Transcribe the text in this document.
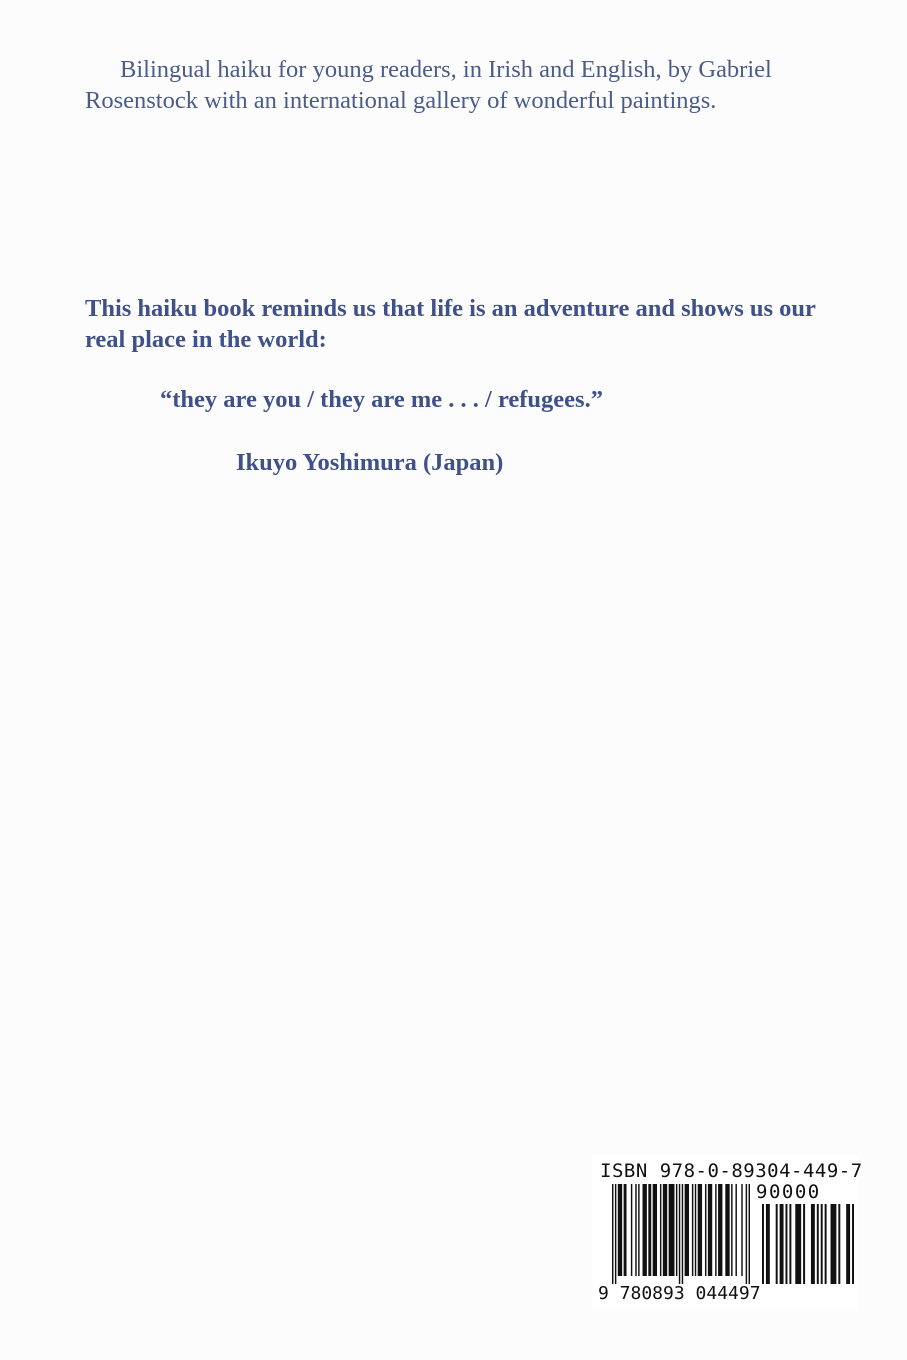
Bilingual haiku for young readers, in Irish and English, by Gabriel Rosenstock with an international gallery of wonderful paintings.

This haiku book reminds us that life is an adventure and shows us our real place in the world:

“they are you / they are me . . . / refugees.”

Ikuyo Yoshimura (Japan)

ISBN 978-0-89304-449-7
90000
9 780893 044497
